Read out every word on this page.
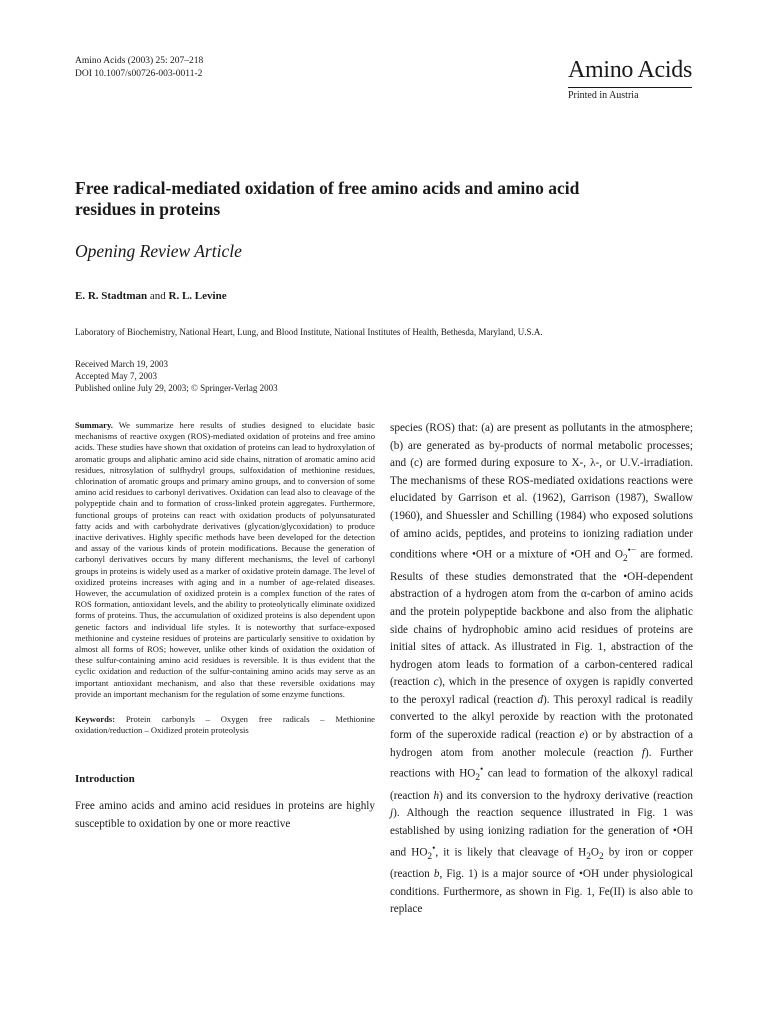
Amino Acids (2003) 25: 207–218
DOI 10.1007/s00726-003-0011-2	Amino Acids
Printed in Austria
Free radical-mediated oxidation of free amino acids and amino acid residues in proteins
Opening Review Article
E. R. Stadtman and R. L. Levine
Laboratory of Biochemistry, National Heart, Lung, and Blood Institute, National Institutes of Health, Bethesda, Maryland, U.S.A.
Received March 19, 2003
Accepted May 7, 2003
Published online July 29, 2003; © Springer-Verlag 2003

Summary. We summarize here results of studies designed to elucidate basic mechanisms of reactive oxygen (ROS)-mediated oxidation of proteins and free amino acids. These studies have shown that oxidation of proteins can lead to hydroxylation of aromatic groups and aliphatic amino acid side chains, nitration of aromatic amino acid residues, nitrosylation of sulfhydryl groups, sulfoxidation of methionine residues, chlorination of aromatic groups and primary amino groups, and to conversion of some amino acid residues to carbonyl derivatives. Oxidation can lead also to cleavage of the polypeptide chain and to formation of cross-linked protein aggregates. Furthermore, functional groups of proteins can react with oxidation products of polyunsaturated fatty acids and with carbohydrate derivatives (glycation/glycoxidation) to produce inactive derivatives. Highly specific methods have been developed for the detection and assay of the various kinds of protein modifications. Because the generation of carbonyl derivatives occurs by many different mechanisms, the level of carbonyl groups in proteins is widely used as a marker of oxidative protein damage. The level of oxidized proteins increases with aging and in a number of age-related diseases. However, the accumulation of oxidized protein is a complex function of the rates of ROS formation, antioxidant levels, and the ability to proteolytically eliminate oxidized forms of proteins. Thus, the accumulation of oxidized proteins is also dependent upon genetic factors and individual life styles. It is noteworthy that surface-exposed methionine and cysteine residues of proteins are particularly sensitive to oxidation by almost all forms of ROS; however, unlike other kinds of oxidation the oxidation of these sulfur-containing amino acid residues is reversible. It is thus evident that the cyclic oxidation and reduction of the sulfur-containing amino acids may serve as an important antioxidant mechanism, and also that these reversible oxidations may provide an important mechanism for the regulation of some enzyme functions.

Keywords: Protein carbonyls – Oxygen free radicals – Methionine oxidation/reduction – Oxidized protein proteolysis

Introduction

Free amino acids and amino acid residues in proteins are highly susceptible to oxidation by one or more reactive

species (ROS) that: (a) are present as pollutants in the atmosphere; (b) are generated as by-products of normal metabolic processes; and (c) are formed during exposure to X-, λ-, or U.V.-irradiation. The mechanisms of these ROS-mediated oxidations reactions were elucidated by Garrison et al. (1962), Garrison (1987), Swallow (1960), and Shuessler and Schilling (1984) who exposed solutions of amino acids, peptides, and proteins to ionizing radiation under conditions where •OH or a mixture of •OH and $O_2^{•-}$ are formed. Results of these studies demonstrated that the •OH-dependent abstraction of a hydrogen atom from the α-carbon of amino acids and the protein polypeptide backbone and also from the aliphatic side chains of hydrophobic amino acid residues of proteins are initial sites of attack. As illustrated in Fig. 1, abstraction of the hydrogen atom leads to formation of a carbon-centered radical (reaction c), which in the presence of oxygen is rapidly converted to the peroxyl radical (reaction d). This peroxyl radical is readily converted to the alkyl peroxide by reaction with the protonated form of the superoxide radical (reaction e) or by abstraction of a hydrogen atom from another molecule (reaction f). Further reactions with $HO_2^•$ can lead to formation of the alkoxyl radical (reaction h) and its conversion to the hydroxy derivative (reaction j). Although the reaction sequence illustrated in Fig. 1 was established by using ionizing radiation for the generation of •OH and $HO_2^•$, it is likely that cleavage of $H_2O_2$ by iron or copper (reaction b, Fig. 1) is a major source of •OH under physiological conditions. Furthermore, as shown in Fig. 1, Fe(II) is also able to replace
